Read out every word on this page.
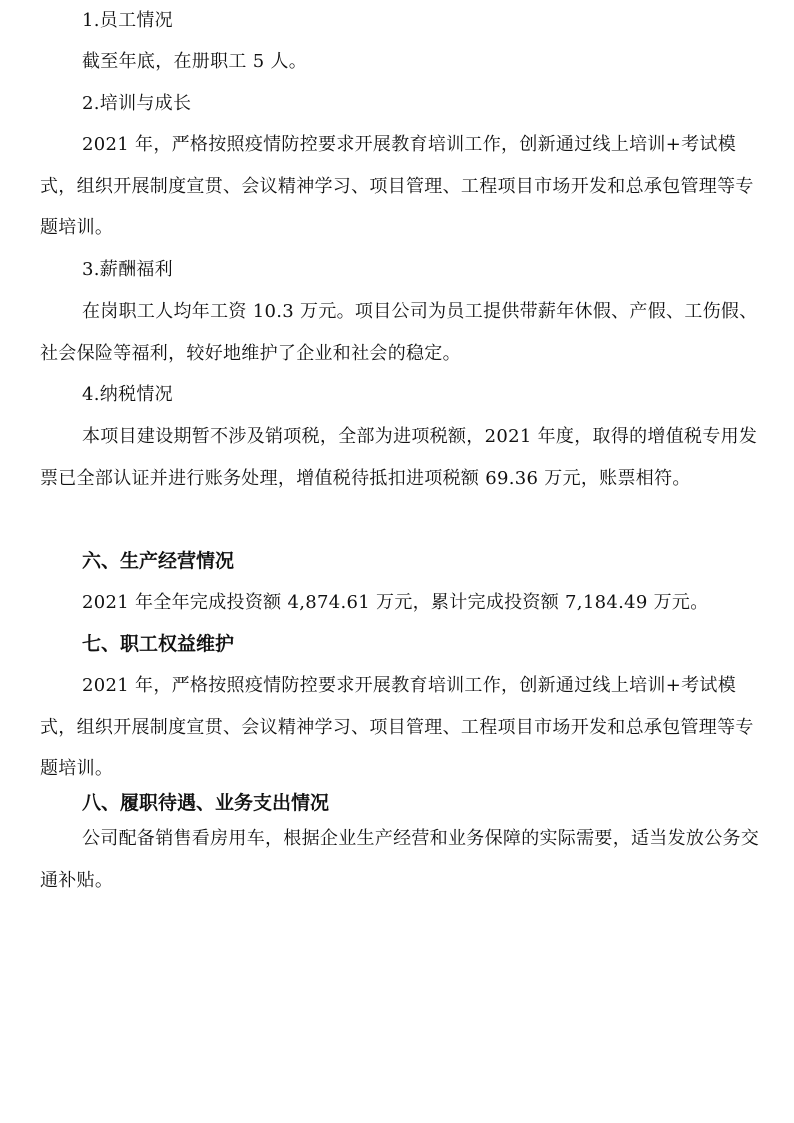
1.员工情况

截至年底，在册职工 5 人。

2.培训与成长

2021 年，严格按照疫情防控要求开展教育培训工作，创新通过线上培训+考试模式，组织开展制度宣贯、会议精神学习、项目管理、工程项目市场开发和总承包管理等专题培训。

3.薪酬福利

在岗职工人均年工资 10.3 万元。项目公司为员工提供带薪年休假、产假、工伤假、社会保险等福利，较好地维护了企业和社会的稳定。

4.纳税情况

本项目建设期暂不涉及销项税，全部为进项税额，2021 年度，取得的增值税专用发票已全部认证并进行账务处理，增值税待抵扣进项税额 69.36 万元，账票相符。

六、生产经营情况

2021 年全年完成投资额 4,874.61 万元，累计完成投资额 7,184.49 万元。

七、职工权益维护

2021 年，严格按照疫情防控要求开展教育培训工作，创新通过线上培训+考试模式，组织开展制度宣贯、会议精神学习、项目管理、工程项目市场开发和总承包管理等专题培训。

八、履职待遇、业务支出情况

公司配备销售看房用车，根据企业生产经营和业务保障的实际需要，适当发放公务交通补贴。
